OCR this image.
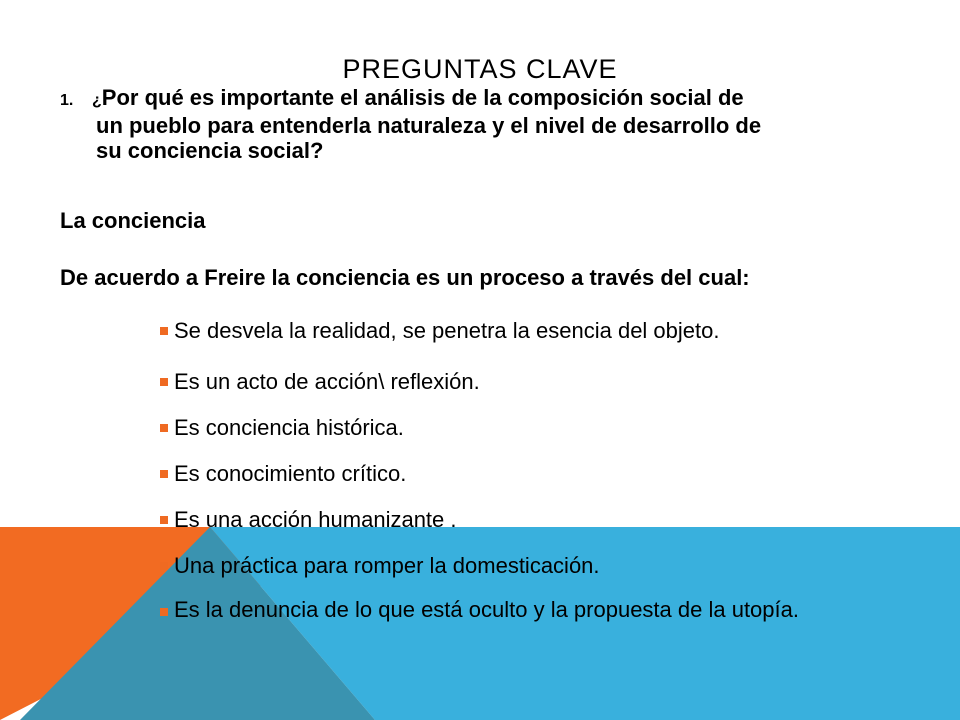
PREGUNTAS CLAVE
1. ¿Por qué es importante el análisis de la composición social de
un pueblo para entenderla naturaleza y el nivel de desarrollo de
su conciencia social?
La conciencia

De acuerdo a Freire la conciencia es un proceso a través del cual:

Se desvela la realidad, se penetra la esencia del objeto.
Es un acto de acción\ reflexión.
Es conciencia histórica.
Es conocimiento crítico.
Es una acción humanizante .
Una práctica para romper la domesticación.
Es la denuncia de lo que está oculto y la propuesta de la utopía.
